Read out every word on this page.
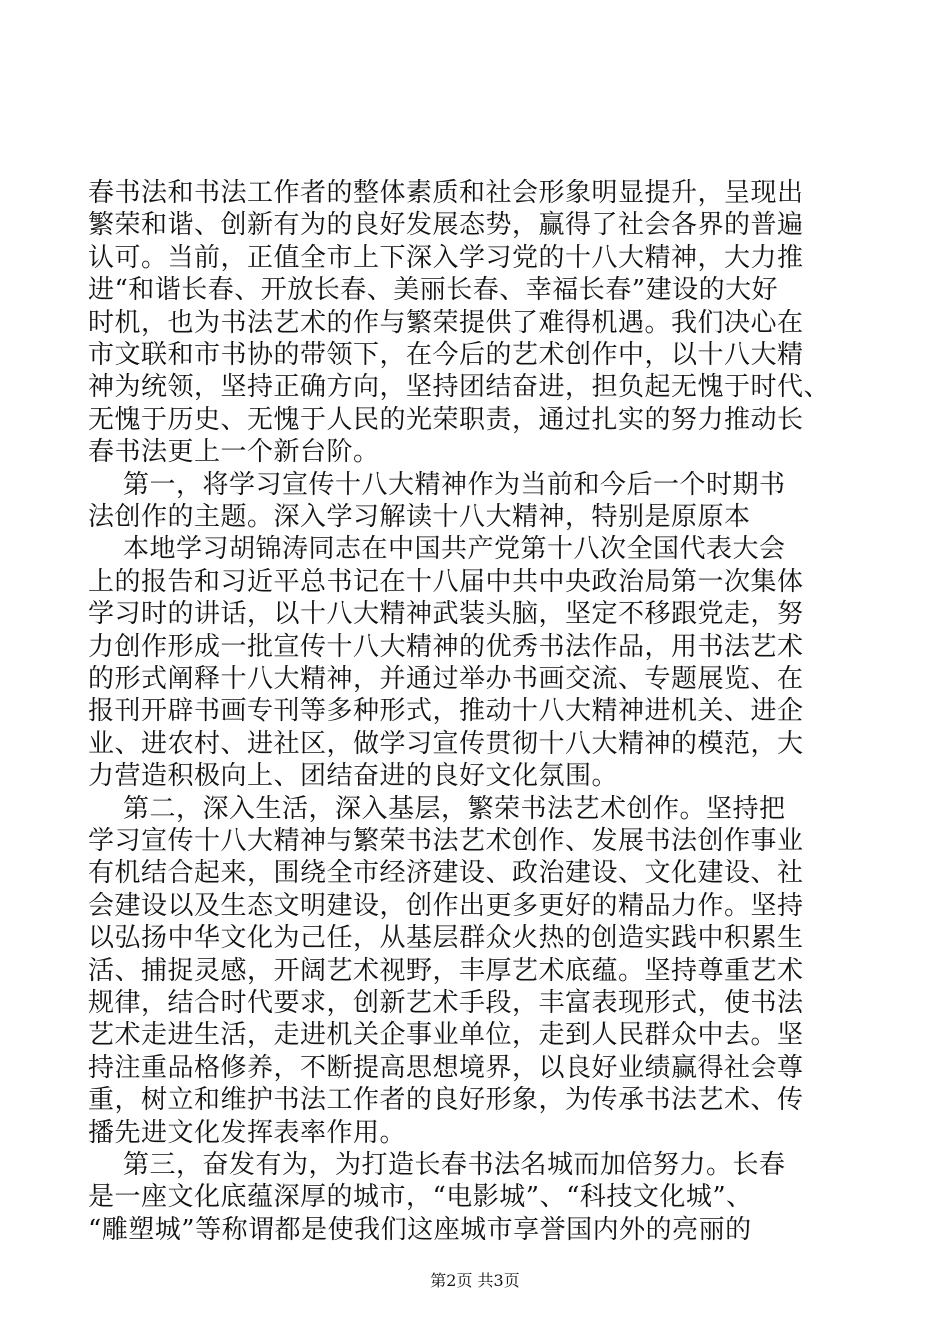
春书法和书法工作者的整体素质和社会形象明显提升，呈现出
繁荣和谐、创新有为的良好发展态势，赢得了社会各界的普遍
认可。当前，正值全市上下深入学习党的十八大精神，大力推
进“和谐长春、开放长春、美丽长春、幸福长春”建设的大好
时机，也为书法艺术的作与繁荣提供了难得机遇。我们决心在
市文联和市书协的带领下，在今后的艺术创作中，以十八大精
神为统领，坚持正确方向，坚持团结奋进，担负起无愧于时代、
无愧于历史、无愧于人民的光荣职责，通过扎实的努力推动长
春书法更上一个新台阶。
第一，将学习宣传十八大精神作为当前和今后一个时期书
法创作的主题。深入学习解读十八大精神，特别是原原本
本地学习胡锦涛同志在中国共产党第十八次全国代表大会
上的报告和习近平总书记在十八届中共中央政治局第一次集体
学习时的讲话，以十八大精神武装头脑，坚定不移跟党走，努
力创作形成一批宣传十八大精神的优秀书法作品，用书法艺术
的形式阐释十八大精神，并通过举办书画交流、专题展览、在
报刊开辟书画专刊等多种形式，推动十八大精神进机关、进企
业、进农村、进社区，做学习宣传贯彻十八大精神的模范，大
力营造积极向上、团结奋进的良好文化氛围。
第二，深入生活，深入基层，繁荣书法艺术创作。坚持把
学习宣传十八大精神与繁荣书法艺术创作、发展书法创作事业
有机结合起来，围绕全市经济建设、政治建设、文化建设、社
会建设以及生态文明建设，创作出更多更好的精品力作。坚持
以弘扬中华文化为己任，从基层群众火热的创造实践中积累生
活、捕捉灵感，开阔艺术视野，丰厚艺术底蕴。坚持尊重艺术
规律，结合时代要求，创新艺术手段，丰富表现形式，使书法
艺术走进生活，走进机关企事业单位，走到人民群众中去。坚
持注重品格修养，不断提高思想境界，以良好业绩赢得社会尊
重，树立和维护书法工作者的良好形象，为传承书法艺术、传
播先进文化发挥表率作用。
第三，奋发有为，为打造长春书法名城而加倍努力。长春
是一座文化底蕴深厚的城市，“电影城”、“科技文化城”、
“雕塑城”等称谓都是使我们这座城市享誉国内外的亮丽的
第2页 共3页
